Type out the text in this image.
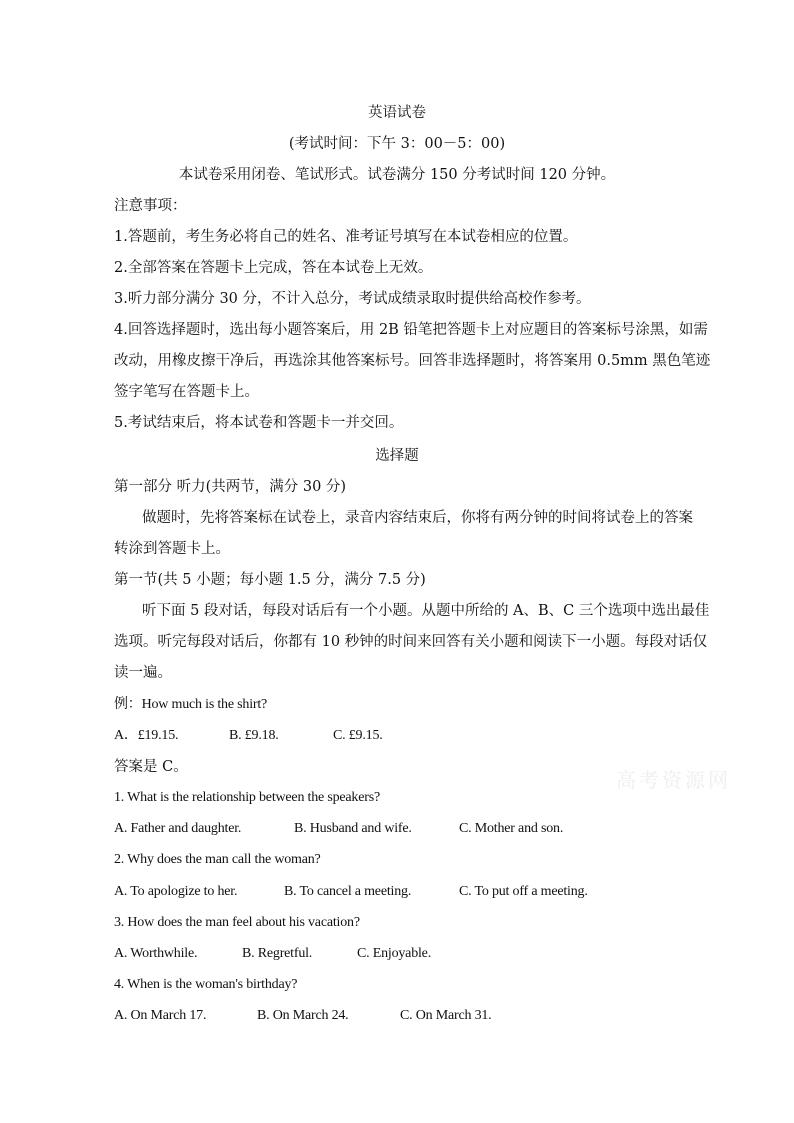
英语试卷
(考试时间：下午 3：00－5：00)
本试卷采用闭卷、笔试形式。试卷满分 150 分考试时间 120 分钟。
注意事项：
1.答题前，考生务必将自己的姓名、准考证号填写在本试卷相应的位置。
2.全部答案在答题卡上完成，答在本试卷上无效。
3.听力部分满分 30 分，不计入总分，考试成绩录取时提供给高校作参考。
4.回答选择题时，选出每小题答案后，用 2B 铅笔把答题卡上对应题目的答案标号涂黑，如需
改动，用橡皮擦干净后，再选涂其他答案标号。回答非选择题时，将答案用 0.5mm 黑色笔迹
签字笔写在答题卡上。
5.考试结束后，将本试卷和答题卡一并交回。
选择题
第一部分 听力(共两节，满分 30 分)
做题时，先将答案标在试卷上，录音内容结束后，你将有两分钟的时间将试卷上的答案
转涂到答题卡上。
第一节(共 5 小题；每小题 1.5 分，满分 7.5 分)
听下面 5 段对话，每段对话后有一个小题。从题中所给的 A、B、C 三个选项中选出最佳
选项。听完每段对话后，你都有 10 秒钟的时间来回答有关小题和阅读下一小题。每段对话仅
读一遍。
例：How much is the shirt?
A．£19.15.	B. £9.18.	C. £9.15.
答案是 C。
1. What is the relationship between the speakers?
A. Father and daughter.	B. Husband and wife.	C. Mother and son.
2. Why does the man call the woman?
A. To apologize to her.	B. To cancel a meeting.	C. To put off a meeting.
3. How does the man feel about his vacation?
A. Worthwhile.	B. Regretful.	C. Enjoyable.
4. When is the woman's birthday?
A. On March 17.	B. On March 24.	C. On March 31.
高考资源网
